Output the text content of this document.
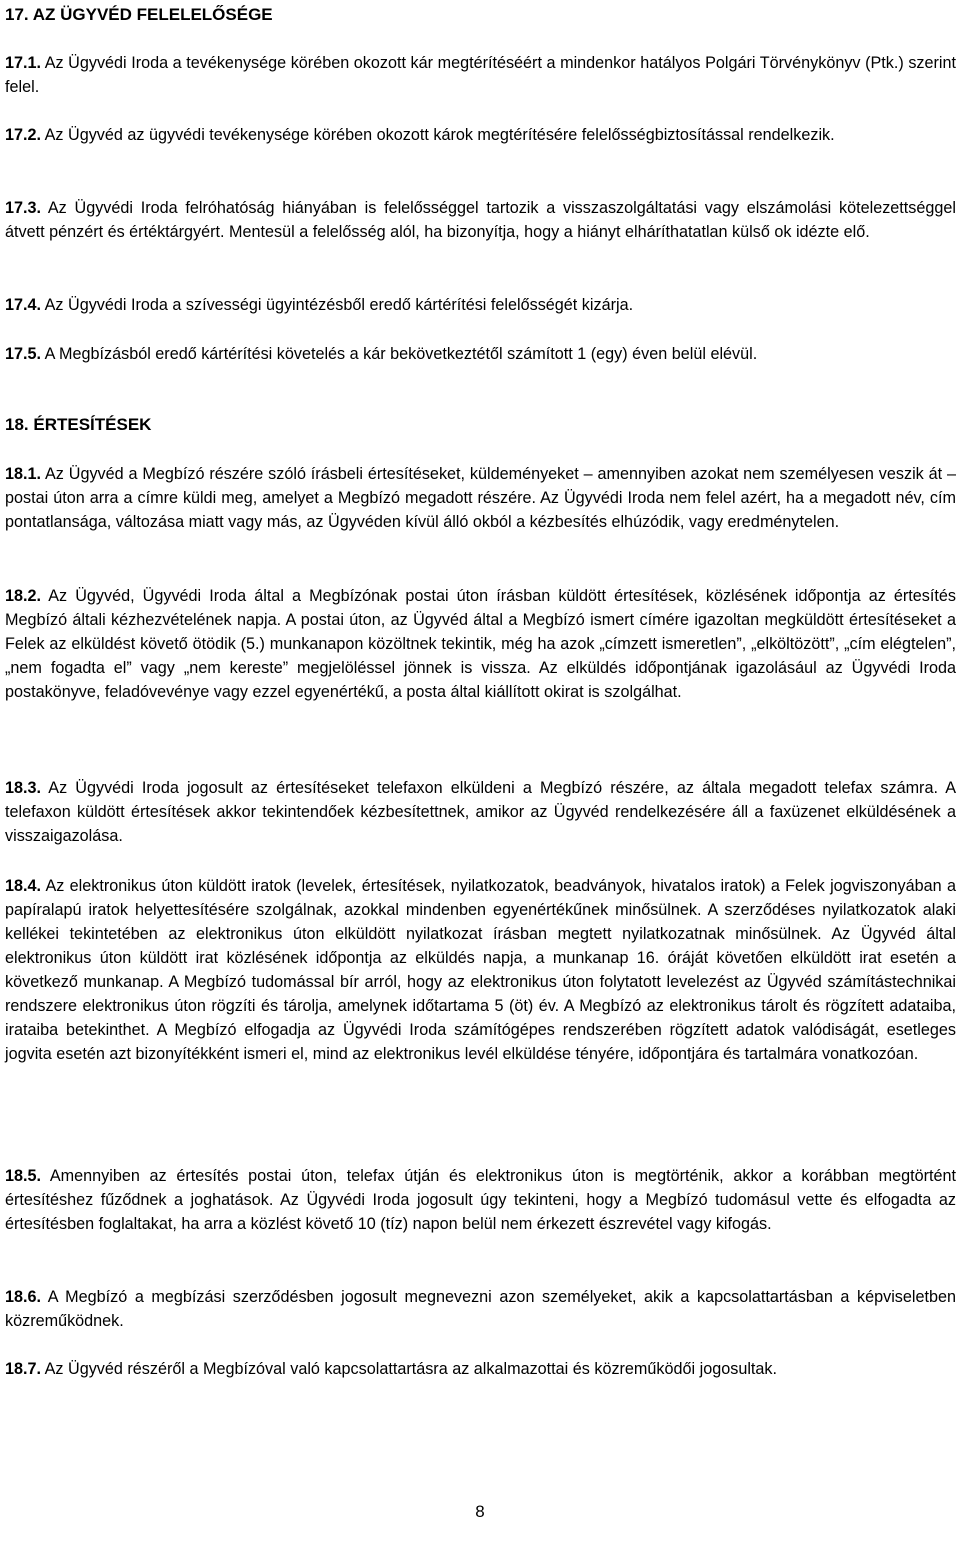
17. AZ ÜGYVÉD FELELELŐSÉGE

17.1. Az Ügyvédi Iroda a tevékenysége körében okozott kár megtérítéséért a mindenkor hatályos Polgári Törvénykönyv (Ptk.) szerint felel.

17.2. Az Ügyvéd az ügyvédi tevékenysége körében okozott károk megtérítésére felelősségbiztosítással rendelkezik.

17.3. Az Ügyvédi Iroda felróhatóság hiányában is felelősséggel tartozik a visszaszolgáltatási vagy elszámolási kötelezettséggel átvett pénzért és értéktárgyért. Mentesül a felelősség alól, ha bizonyítja, hogy a hiányt elháríthatatlan külső ok idézte elő.

17.4. Az Ügyvédi Iroda a szívességi ügyintézésből eredő kártérítési felelősségét kizárja.

17.5. A Megbízásból eredő kártérítési követelés a kár bekövetkeztétől számított 1 (egy) éven belül elévül.

18. ÉRTESÍTÉSEK

18.1. Az Ügyvéd a Megbízó részére szóló írásbeli értesítéseket, küldeményeket – amennyiben azokat nem személyesen veszik át – postai úton arra a címre küldi meg, amelyet a Megbízó megadott részére. Az Ügyvédi Iroda nem felel azért, ha a megadott név, cím pontatlansága, változása miatt vagy más, az Ügyvéden kívül álló okból a kézbesítés elhúzódik, vagy eredménytelen.

18.2. Az Ügyvéd, Ügyvédi Iroda által a Megbízónak postai úton írásban küldött értesítések, közlésének időpontja az értesítés Megbízó általi kézhezvételének napja. A postai úton, az Ügyvéd által a Megbízó ismert címére igazoltan megküldött értesítéseket a Felek az elküldést követő ötödik (5.) munkanapon közöltnek tekintik, még ha azok „címzett ismeretlen”, „elköltözött”, „cím elégtelen”, „nem fogadta el” vagy „nem kereste” megjelöléssel jönnek is vissza. Az elküldés időpontjának igazolásául az Ügyvédi Iroda postakönyve, feladóvevénye vagy ezzel egyenértékű, a posta által kiállított okirat is szolgálhat.

18.3. Az Ügyvédi Iroda jogosult az értesítéseket telefaxon elküldeni a Megbízó részére, az általa megadott telefax számra. A telefaxon küldött értesítések akkor tekintendőek kézbesítettnek, amikor az Ügyvéd rendelkezésére áll a faxüzenet elküldésének a visszaigazolása.

18.4. Az elektronikus úton küldött iratok (levelek, értesítések, nyilatkozatok, beadványok, hivatalos iratok) a Felek jogviszonyában a papíralapú iratok helyettesítésére szolgálnak, azokkal mindenben egyenértékűnek minősülnek. A szerződéses nyilatkozatok alaki kellékei tekintetében az elektronikus úton elküldött nyilatkozat írásban megtett nyilatkozatnak minősülnek. Az Ügyvéd által elektronikus úton küldött irat közlésének időpontja az elküldés napja, a munkanap 16. óráját követően elküldött irat esetén a következő munkanap. A Megbízó tudomással bír arról, hogy az elektronikus úton folytatott levelezést az Ügyvéd számítástechnikai rendszere elektronikus úton rögzíti és tárolja, amelynek időtartama 5 (öt) év. A Megbízó az elektronikus tárolt és rögzített adataiba, irataiba betekinthet. A Megbízó elfogadja az Ügyvédi Iroda számítógépes rendszerében rögzített adatok valódiságát, esetleges jogvita esetén azt bizonyítékként ismeri el, mind az elektronikus levél elküldése tényére, időpontjára és tartalmára vonatkozóan.

18.5. Amennyiben az értesítés postai úton, telefax útján és elektronikus úton is megtörténik, akkor a korábban megtörtént értesítéshez fűződnek a joghatások. Az Ügyvédi Iroda jogosult úgy tekinteni, hogy a Megbízó tudomásul vette és elfogadta az értesítésben foglaltakat, ha arra a közlést követő 10 (tíz) napon belül nem érkezett észrevétel vagy kifogás.

18.6. A Megbízó a megbízási szerződésben jogosult megnevezni azon személyeket, akik a kapcsolattartásban a képviseletben közreműködnek.

18.7. Az Ügyvéd részéről a Megbízóval való kapcsolattartásra az alkalmazottai és közreműködői jogosultak.

8
